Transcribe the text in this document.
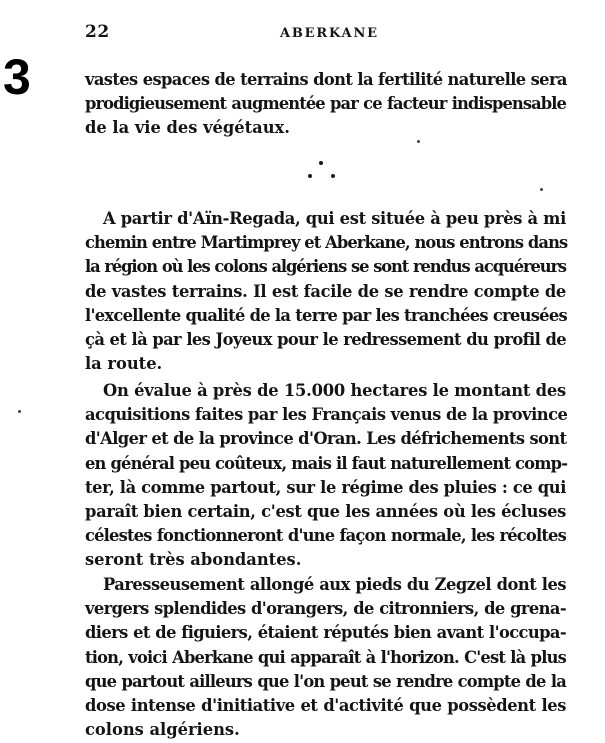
22	ABERKANE
3	vastes espaces de terrains dont la fertilité naturelle sera
prodigieusement augmentée par ce facteur indispensable
de la vie des végétaux.
A partir d'Aïn-Regada, qui est située à peu près à mi
chemin entre Martimprey et Aberkane, nous entrons dans
la région où les colons algériens se sont rendus acquéreurs
de vastes terrains. Il est facile de se rendre compte de
l'excellente qualité de la terre par les tranchées creusées
çà et là par les Joyeux pour le redressement du profil de
la route.
On évalue à près de 15.000 hectares le montant des
acquisitions faites par les Français venus de la province
d'Alger et de la province d'Oran. Les défrichements sont
en général peu coûteux, mais il faut naturellement comp-
ter, là comme partout, sur le régime des pluies : ce qui
paraît bien certain, c'est que les années où les écluses
célestes fonctionneront d'une façon normale, les récoltes
seront très abondantes.
Paresseusement allongé aux pieds du Zegzel dont les
vergers splendides d'orangers, de citronniers, de grena-
diers et de figuiers, étaient réputés bien avant l'occupa-
tion, voici Aberkane qui apparaît à l'horizon. C'est là plus
que partout ailleurs que l'on peut se rendre compte de la
dose intense d'initiative et d'activité que possèdent les
colons algériens.
